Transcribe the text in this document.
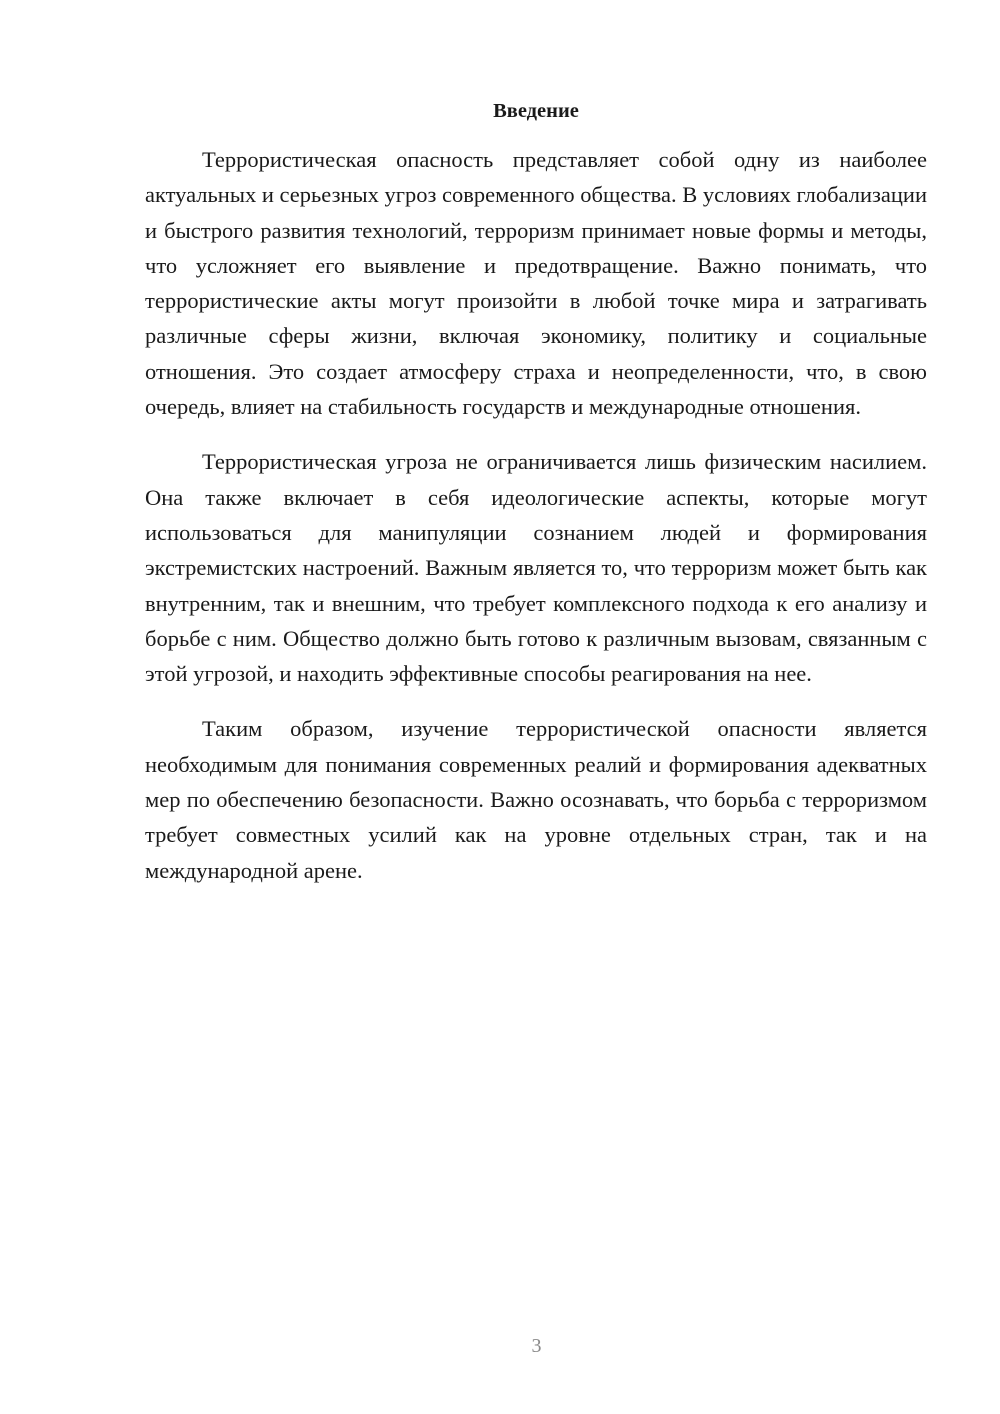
Введение

Террористическая опасность представляет собой одну из наиболее актуальных и серьезных угроз современного общества. В условиях глобализации и быстрого развития технологий, терроризм принимает новые формы и методы, что усложняет его выявление и предотвращение. Важно понимать, что террористические акты могут произойти в любой точке мира и затрагивать различные сферы жизни, включая экономику, политику и социальные отношения. Это создает атмосферу страха и неопределенности, что, в свою очередь, влияет на стабильность государств и международные отношения.

Террористическая угроза не ограничивается лишь физическим насилием. Она также включает в себя идеологические аспекты, которые могут использоваться для манипуляции сознанием людей и формирования экстремистских настроений. Важным является то, что терроризм может быть как внутренним, так и внешним, что требует комплексного подхода к его анализу и борьбе с ним. Общество должно быть готово к различным вызовам, связанным с этой угрозой, и находить эффективные способы реагирования на нее.

Таким образом, изучение террористической опасности является необходимым для понимания современных реалий и формирования адекватных мер по обеспечению безопасности. Важно осознавать, что борьба с терроризмом требует совместных усилий как на уровне отдельных стран, так и на международной арене.

3
